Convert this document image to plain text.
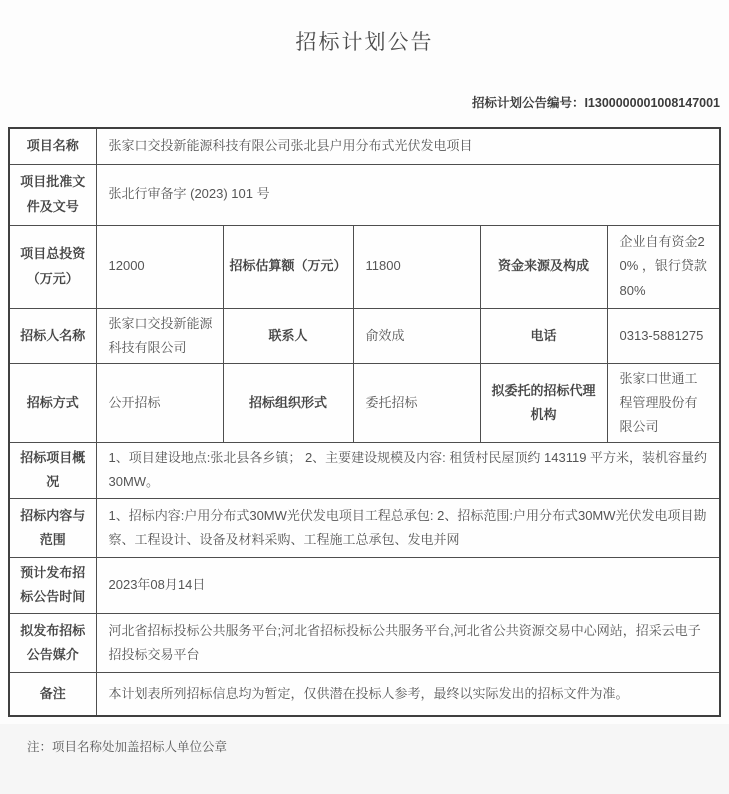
招标计划公告
招标计划公告编号：I1300000001008147001
项目名称	张家口交投新能源科技有限公司张北县户用分布式光伏发电项目				
项目批准文件及文号	张北行审备字 (2023) 101 号				
项目总投资（万元）	12000	招标估算额（万元）	11800	资金来源及构成	企业自有资金20% ，银行贷款80%
招标人名称	张家口交投新能源科技有限公司	联系人	俞效成	电话	0313-5881275
招标方式	公开招标	招标组织形式	委托招标	拟委托的招标代理机构	张家口世通工程管理股份有限公司
招标项目概况	1、项目建设地点:张北县各乡镇； 2、主要建设规模及内容: 租赁村民屋顶约 143119 平方米，装机容量约30MW。				
招标内容与范围	1、招标内容:户用分布式30MW光伏发电项目工程总承包: 2、招标范围:户用分布式30MW光伏发电项目勘察、工程设计、设备及材料采购、工程施工总承包、发电并网				
预计发布招标公告时间	2023年08月14日				
拟发布招标公告媒介	河北省招标投标公共服务平台;河北省招标投标公共服务平台,河北省公共资源交易中心网站，招采云电子招投标交易平台				
备注	本计划表所列招标信息均为暂定，仅供潜在投标人参考，最终以实际发出的招标文件为准。				
注：项目名称处加盖招标人单位公章
